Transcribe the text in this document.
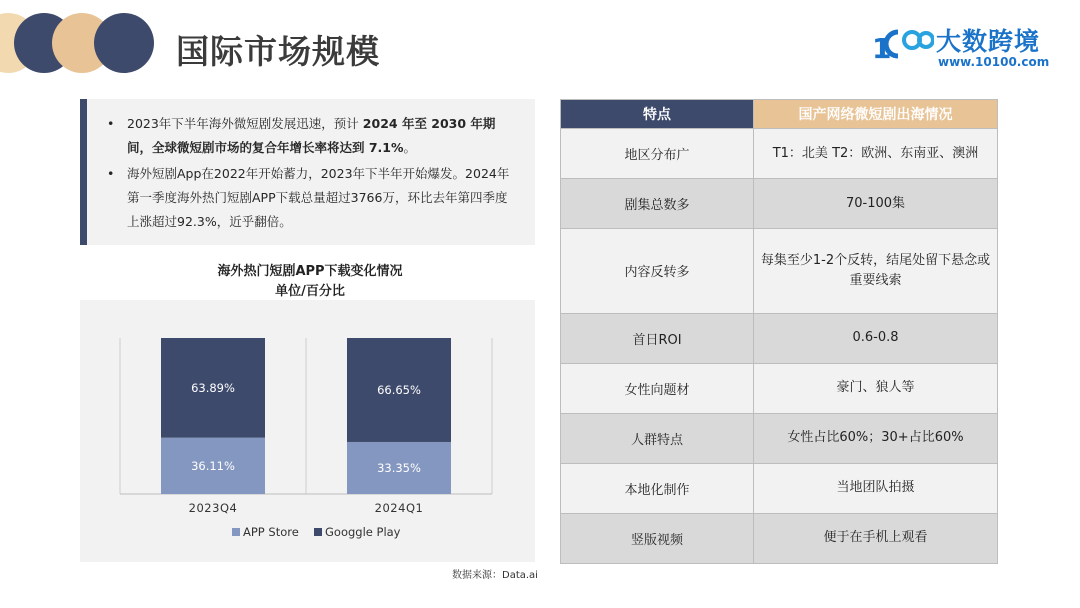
国际市场规模	1 大数跨境
www.10100.com
• 2023年下半年海外微短剧发展迅速，预计 2024 年至 2030 年期间，全球微短剧市场的复合年增长率将达到 7.1%。
• 海外短剧App在2022年开始蓄力，2023年下半年开始爆发。2024年第一季度海外热门短剧APP下载总量超过3766万，环比去年第四季度上涨超过92.3%，近乎翻倍。
海外热门短剧APP下载变化情况
单位/百分比
36.11%
63.89%
2023Q4
33.35%
66.65%
2024Q1
APP Store Googgle Play
数据来源：Data.ai
特点	国产网络微短剧出海情况
地区分布广	T1：北美 T2：欧洲、东南亚、澳洲
剧集总数多	70-100集
内容反转多	每集至少1-2个反转，结尾处留下悬念或重要线索
首日ROI	0.6-0.8
女性向题材	豪门、狼人等
人群特点	女性占比60%；30+占比60%
本地化制作	当地团队拍摄
竖版视频	便于在手机上观看
